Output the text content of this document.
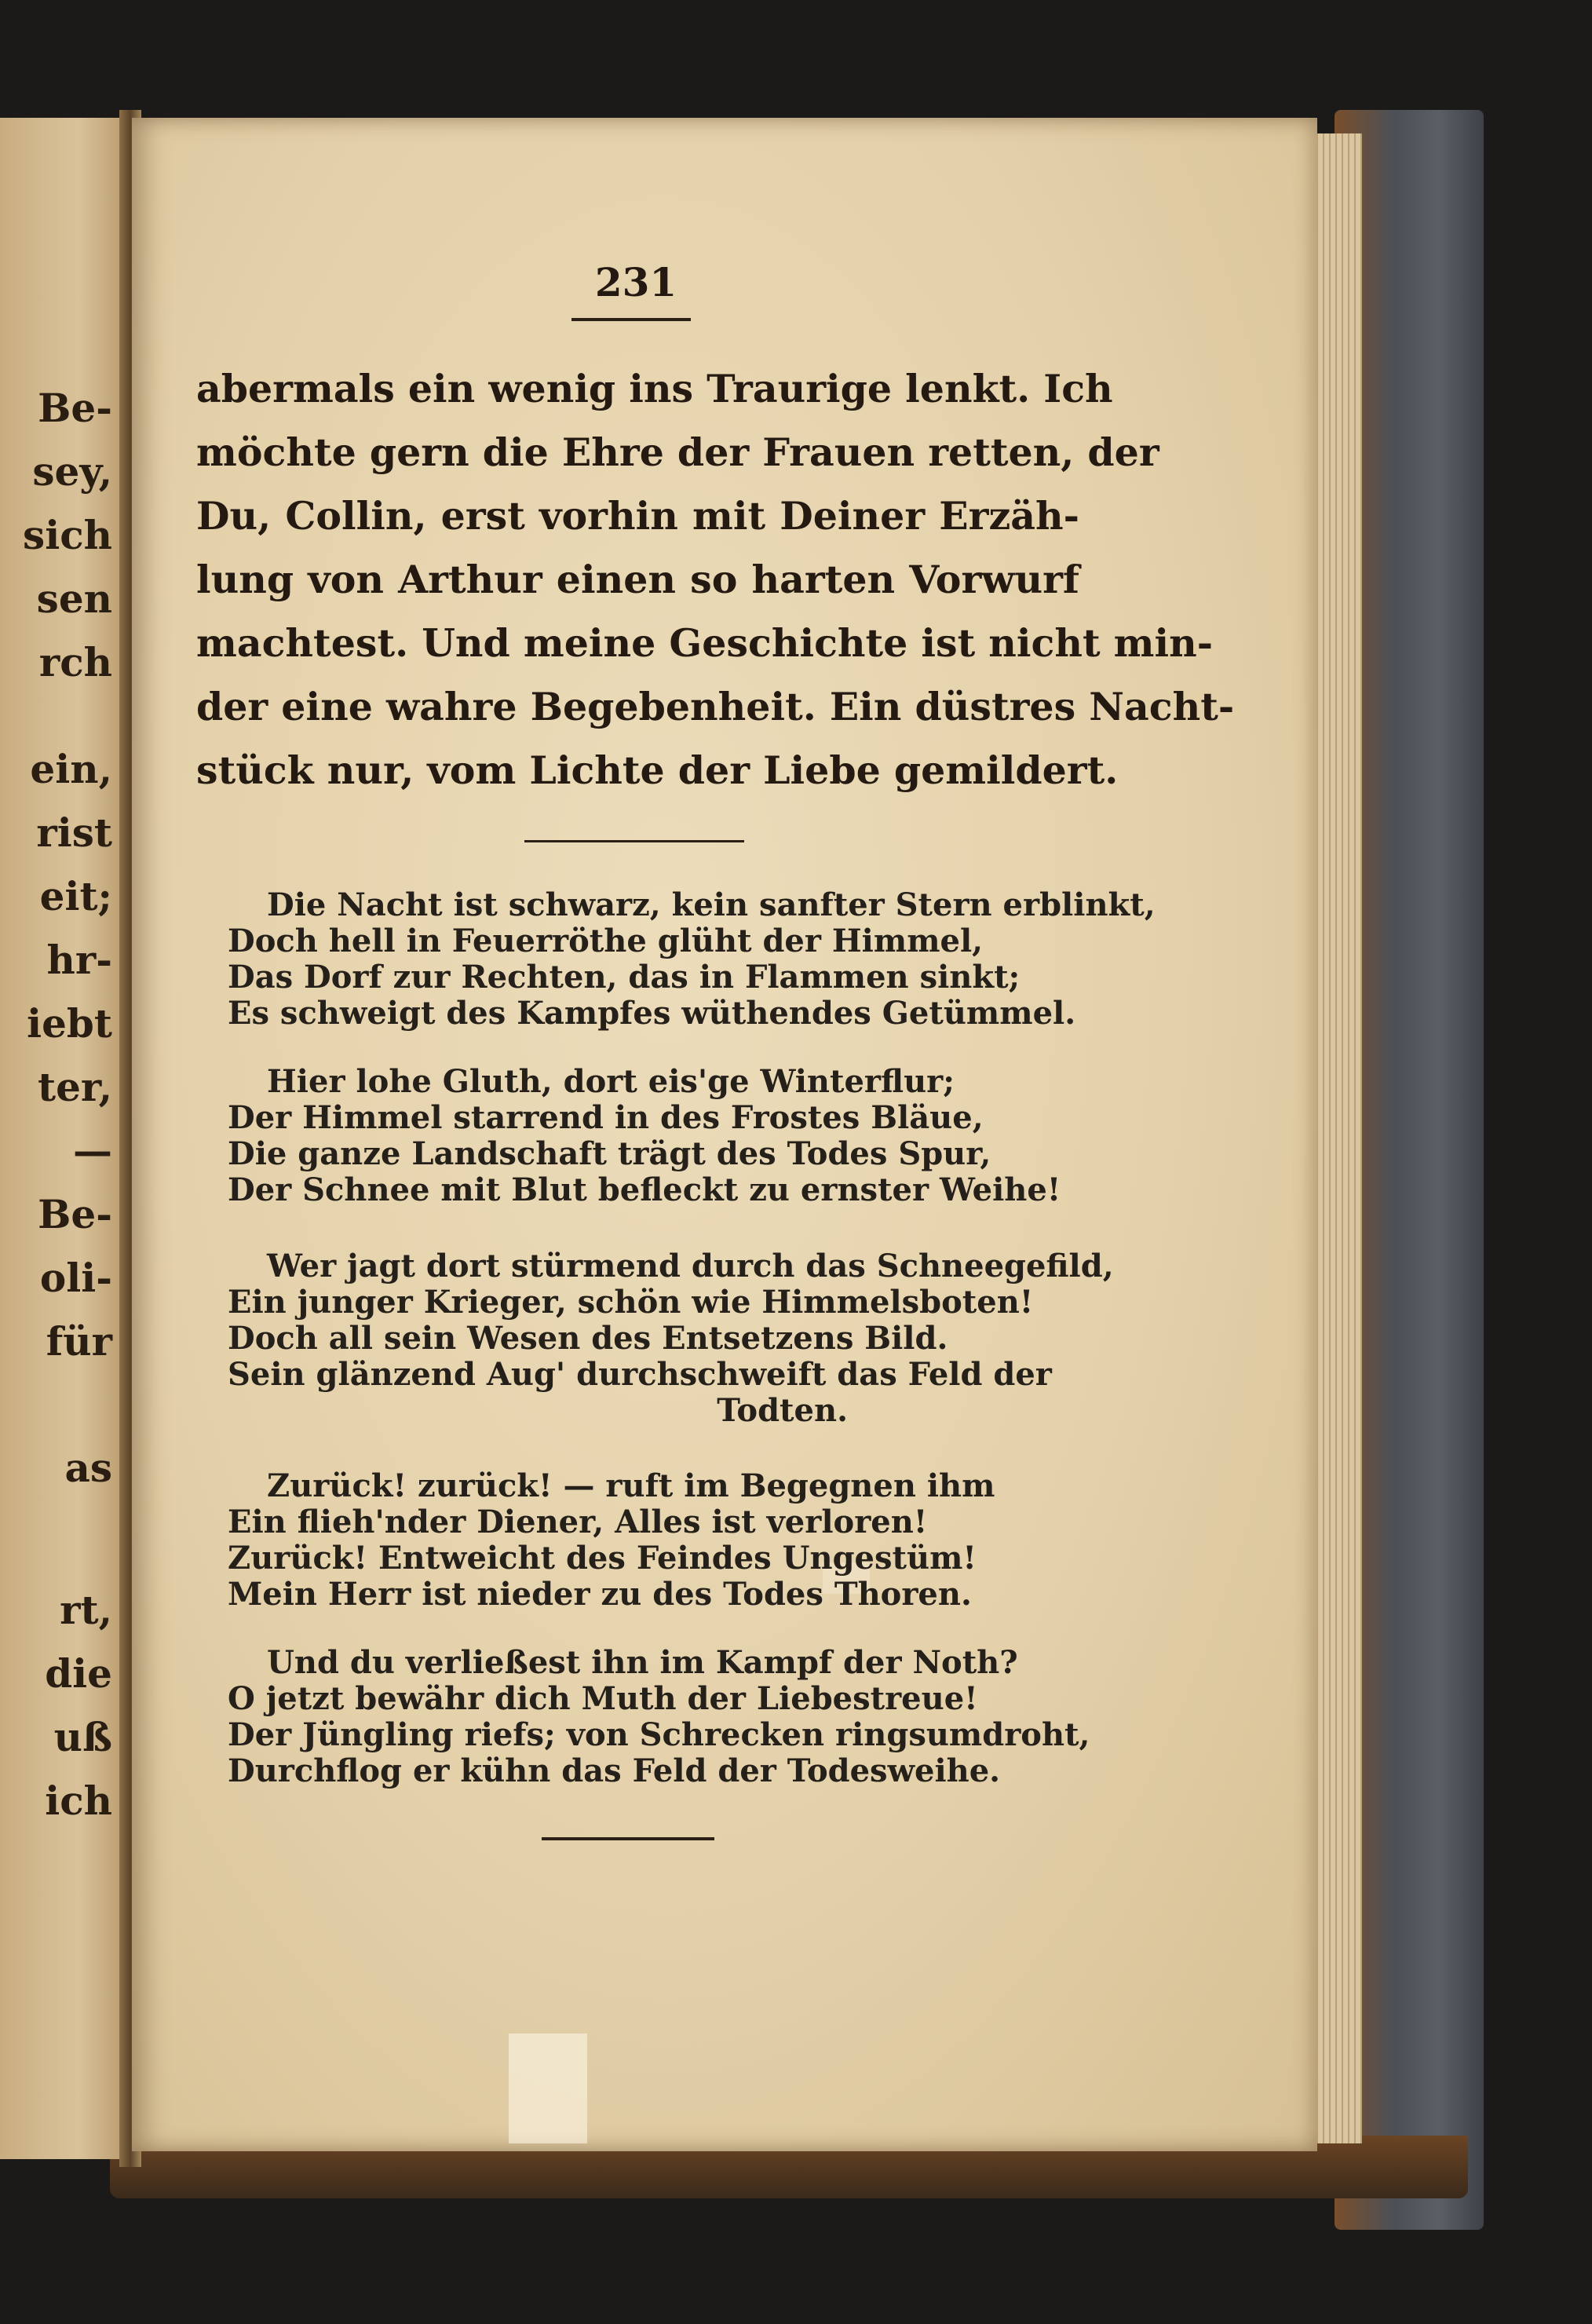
Be-
sey,
sich
sen
rch
ein,
rist
eit;
hr-
iebt
ter,
—
Be-
oli-
für
as
rt,
die
uß
ich
231
abermals ein wenig ins Traurige lenkt. Ich
möchte gern die Ehre der Frauen retten, der
Du, Collin, erst vorhin mit Deiner Erzäh-
lung von Arthur einen so harten Vorwurf
machtest. Und meine Geschichte ist nicht min-
der eine wahre Begebenheit. Ein düstres Nacht-
stück nur, vom Lichte der Liebe gemildert.
Die Nacht ist schwarz, kein sanfter Stern erblinkt,
Doch hell in Feuerröthe glüht der Himmel,
Das Dorf zur Rechten, das in Flammen sinkt;
Es schweigt des Kampfes wüthendes Getümmel.
Hier lohe Gluth, dort eis'ge Winterflur;
Der Himmel starrend in des Frostes Bläue,
Die ganze Landschaft trägt des Todes Spur,
Der Schnee mit Blut befleckt zu ernster Weihe!
Wer jagt dort stürmend durch das Schneegefild,
Ein junger Krieger, schön wie Himmelsboten!
Doch all sein Wesen des Entsetzens Bild.
Sein glänzend Aug' durchschweift das Feld der
Todten.
Zurück! zurück! — ruft im Begegnen ihm
Ein flieh'nder Diener, Alles ist verloren!
Zurück! Entweicht des Feindes Ungestüm!
Mein Herr ist nieder zu des Todes Thoren.
Und du verließest ihn im Kampf der Noth?
O jetzt bewähr dich Muth der Liebestreue!
Der Jüngling riefs; von Schrecken ringsumdroht,
Durchflog er kühn das Feld der Todesweihe.
